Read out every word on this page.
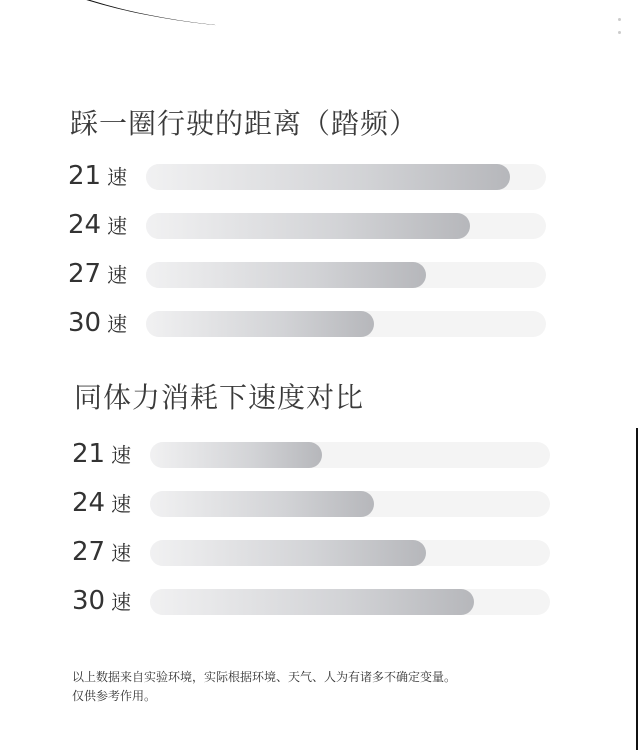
踩一圈行驶的距离（踏频）
21 速
24 速
27 速
30 速
同体力消耗下速度对比
21 速
24 速
27 速
30 速
以上数据来自实验环境，实际根据环境、天气、人为有诸多不确定变量。
仅供参考作用。
